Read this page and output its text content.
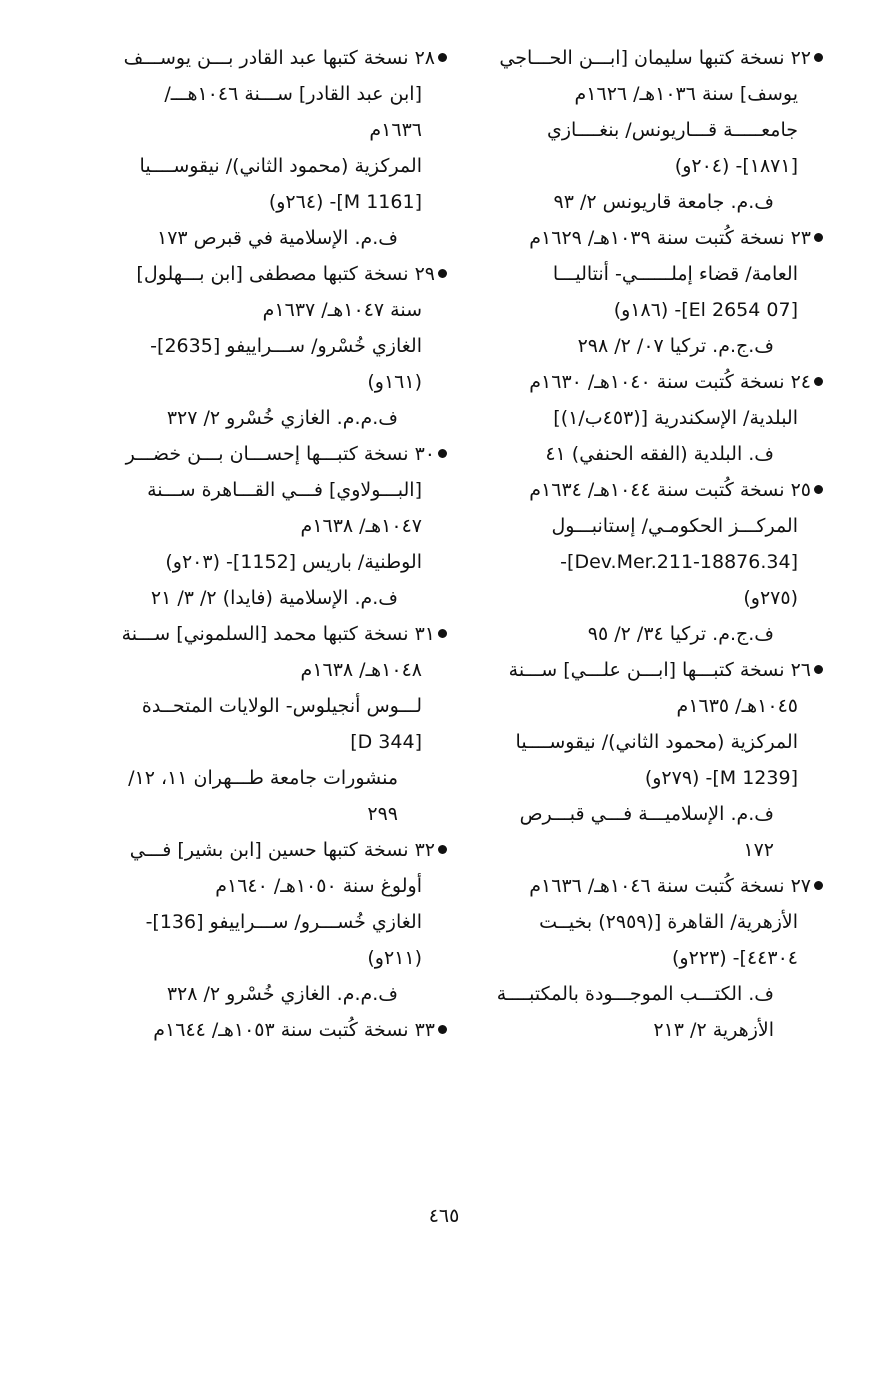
٢٢ نسخة كتبها سليمان [ابـــن الحـــاجي
يوسف] سنة ١٠٣٦هـ/ ١٦٢٦م
جامعـــــة قـــاريونس/ بنغــــازي
[١٨٧١]- (٢٠٤و)
ف.م. جامعة قاريونس ٢/ ٩٣
٢٣ نسخة كُتبت سنة ١٠٣٩هـ/ ١٦٢٩م
العامة/ قضاء إملــــــي- أنتاليـــا
[07 El 2654]- (١٨٦و)
ف.ج.م. تركيا ٠٧/ ٢/ ٢٩٨
٢٤ نسخة كُتبت سنة ١٠٤٠هـ/ ١٦٣٠م
البلدية/ الإسكندرية [(٤٥٣ب/١)]
ف. البلدية (الفقه الحنفي) ٤١
٢٥ نسخة كُتبت سنة ١٠٤٤هـ/ ١٦٣٤م
المركـــز الحكومـي/ إستانبـــول
[34.Dev.Mer.211-18876]-
(٢٧٥و)
ف.ج.م. تركيا ٣٤/ ٢/ ٩٥
٢٦ نسخة كتبـــها [ابـــن علـــي] ســـنة
١٠٤٥هـ/ ١٦٣٥م
المركزية (محمود الثاني)/ نيقوســــيا
[M 1239]- (٢٧٩و)
ف.م. الإسلاميـــة فـــي قبـــرص
١٧٢
٢٧ نسخة كُتبت سنة ١٠٤٦هـ/ ١٦٣٦م
الأزهرية/ القاهرة [(٢٩٥٩) بخيــت
٤٤٣٠٤]- (٢٢٣و)
ف. الكتـــب الموجـــودة بالمكتبــــة
الأزهرية ٢/ ٢١٣
٢٨ نسخة كتبها عبد القادر بـــن يوســـف
[ابن عبد القادر] ســـنة ١٠٤٦هـــ/
١٦٣٦م
المركزية (محمود الثاني)/ نيقوســــيا
[M 1161]- (٢٦٤و)
ف.م. الإسلامية في قبرص ١٧٣
٢٩ نسخة كتبها مصطفى [ابن بـــهلول]
سنة ١٠٤٧هـ/ ١٦٣٧م
الغازي خُسْرو/ ســـراييفو [2635]-
(١٦١و)
ف.م.م. الغازي خُسْرو ٢/ ٣٢٧
٣٠ نسخة كتبـــها إحســـان بـــن خضـــر
[البـــولاوي] فـــي القـــاهرة ســـنة
١٠٤٧هـ/ ١٦٣٨م
الوطنية/ باريس [1152]- (٢٠٣و)
ف.م. الإسلامية (فايدا) ٢/ ٣/ ٢١
٣١ نسخة كتبها محمد [السلموني] ســـنة
١٠٤٨هـ/ ١٦٣٨م
لـــوس أنجيلوس- الولايات المتحــدة
[D 344]
منشورات جامعة طـــهران ١١، ١٢/
٢٩٩
٣٢ نسخة كتبها حسين [ابن بشير] فـــي
أولوغ سنة ١٠٥٠هـ/ ١٦٤٠م
الغازي خُســـرو/ ســـراييفو [136]-
(٢١١و)
ف.م.م. الغازي خُسْرو ٢/ ٣٢٨
٣٣ نسخة كُتبت سنة ١٠٥٣هـ/ ١٦٤٤م
٤٦٥
